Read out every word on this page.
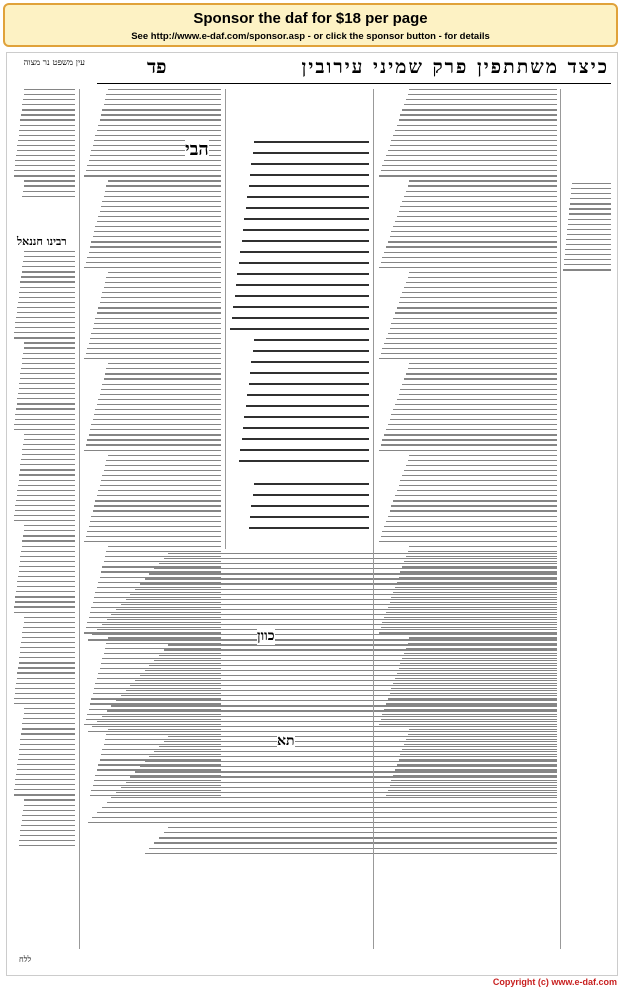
Sponsor the daf for $18 per page
See http://www.e-daf.com/sponsor.asp - or click the sponsor button - for details
עין משפט נר מצוה	פד	כיצד משתתפין פרק שמיני עירובין
רבינו חננאל
הבי
כוון
תא
ללח
Copyright (c) www.e-daf.com
